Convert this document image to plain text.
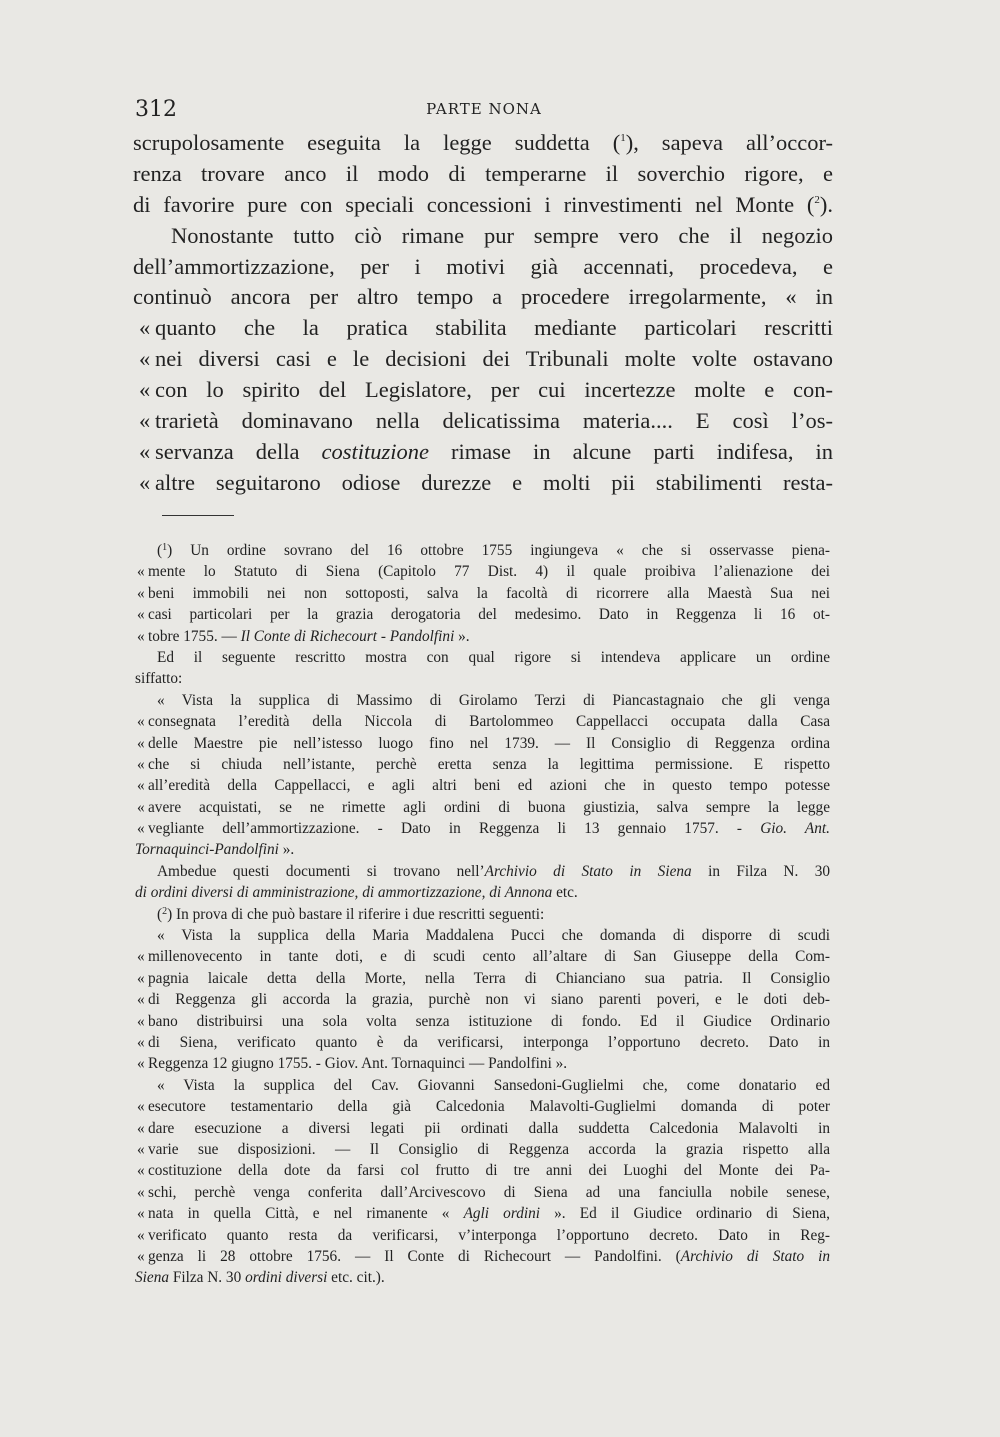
312	PARTE NONA
scrupolosamente eseguita la legge suddetta ($^1$), sapeva all’occor-
renza trovare anco il modo di temperarne il soverchio rigore, e
di favorire pure con speciali concessioni i rinvestimenti nel Monte ($^2$).
Nonostante tutto ciò rimane pur sempre vero che il negozio
dell’ammortizzazione, per i motivi già accennati, procedeva, e
continuò ancora per altro tempo a procedere irregolarmente, « in
« quanto che la pratica stabilita mediante particolari rescritti
« nei diversi casi e le decisioni dei Tribunali molte volte ostavano
« con lo spirito del Legislatore, per cui incertezze molte e con-
« trarietà dominavano nella delicatissima materia.... E così l’os-
« servanza della costituzione rimase in alcune parti indifesa, in
« altre seguitarono odiose durezze e molti pii stabilimenti resta-
($^1$) Un ordine sovrano del 16 ottobre 1755 ingiungeva « che si osservasse piena-
« mente lo Statuto di Siena (Capitolo 77 Dist. 4) il quale proibiva l’alienazione dei
« beni immobili nei non sottoposti, salva la facoltà di ricorrere alla Maestà Sua nei
« casi particolari per la grazia derogatoria del medesimo. Dato in Reggenza li 16 ot-
« tobre 1755. — Il Conte di Richecourt - Pandolfini ».
Ed il seguente rescritto mostra con qual rigore si intendeva applicare un ordine
siffatto:
« Vista la supplica di Massimo di Girolamo Terzi di Piancastagnaio che gli venga
« consegnata l’eredità della Niccola di Bartolommeo Cappellacci occupata dalla Casa
« delle Maestre pie nell’istesso luogo fino nel 1739. — Il Consiglio di Reggenza ordina
« che si chiuda nell’istante, perchè eretta senza la legittima permissione. E rispetto
« all’eredità della Cappellacci, e agli altri beni ed azioni che in questo tempo potesse
« avere acquistati, se ne rimette agli ordini di buona giustizia, salva sempre la legge
« vegliante dell’ammortizzazione. - Dato in Reggenza li 13 gennaio 1757. - Gio. Ant.
Tornaquinci-Pandolfini ».
Ambedue questi documenti si trovano nell’Archivio di Stato in Siena in Filza N. 30
di ordini diversi di amministrazione, di ammortizzazione, di Annona etc.
($^2$) In prova di che può bastare il riferire i due rescritti seguenti:
« Vista la supplica della Maria Maddalena Pucci che domanda di disporre di scudi
« millenovecento in tante doti, e di scudi cento all’altare di San Giuseppe della Com-
« pagnia laicale detta della Morte, nella Terra di Chianciano sua patria. Il Consiglio
« di Reggenza gli accorda la grazia, purchè non vi siano parenti poveri, e le doti deb-
« bano distribuirsi una sola volta senza istituzione di fondo. Ed il Giudice Ordinario
« di Siena, verificato quanto è da verificarsi, interponga l’opportuno decreto. Dato in
« Reggenza 12 giugno 1755. - Giov. Ant. Tornaquinci — Pandolfini ».
« Vista la supplica del Cav. Giovanni Sansedoni-Guglielmi che, come donatario ed
« esecutore testamentario della già Calcedonia Malavolti-Guglielmi domanda di poter
« dare esecuzione a diversi legati pii ordinati dalla suddetta Calcedonia Malavolti in
« varie sue disposizioni. — Il Consiglio di Reggenza accorda la grazia rispetto alla
« costituzione della dote da farsi col frutto di tre anni dei Luoghi del Monte dei Pa-
« schi, perchè venga conferita dall’Arcivescovo di Siena ad una fanciulla nobile senese,
« nata in quella Città, e nel rimanente « Agli ordini ». Ed il Giudice ordinario di Siena,
« verificato quanto resta da verificarsi, v’interponga l’opportuno decreto. Dato in Reg-
« genza li 28 ottobre 1756. — Il Conte di Richecourt — Pandolfini. (Archivio di Stato in
Siena Filza N. 30 ordini diversi etc. cit.).
